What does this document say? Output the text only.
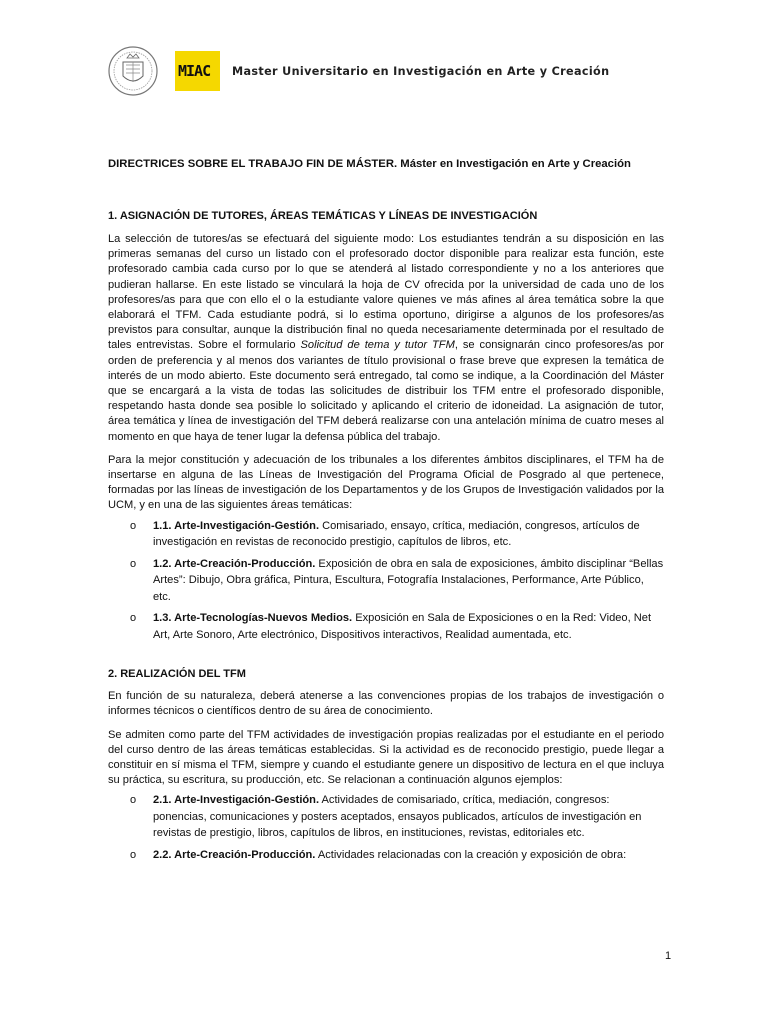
MIAC Master Universitario en Investigación en Arte y Creación

DIRECTRICES SOBRE EL TRABAJO FIN DE MÁSTER. Máster en Investigación en Arte y Creación

1. ASIGNACIÓN DE TUTORES, ÁREAS TEMÁTICAS Y LÍNEAS DE INVESTIGACIÓN

La selección de tutores/as se efectuará del siguiente modo: Los estudiantes tendrán a su disposición en las primeras semanas del curso un listado con el profesorado doctor disponible para realizar esta función, este profesorado cambia cada curso por lo que se atenderá al listado correspondiente y no a los anteriores que pudieran hallarse. En este listado se vinculará la hoja de CV ofrecida por la universidad de cada uno de los profesores/as para que con ello el o la estudiante valore quienes ve más afines al área temática sobre la que elaborará el TFM. Cada estudiante podrá, si lo estima oportuno, dirigirse a algunos de los profesores/as previstos para consultar, aunque la distribución final no queda necesariamente determinada por el resultado de tales entrevistas. Sobre el formulario Solicitud de tema y tutor TFM, se consignarán cinco profesores/as por orden de preferencia y al menos dos variantes de título provisional o frase breve que expresen la temática de interés de un modo abierto. Este documento será entregado, tal como se indique, a la Coordinación del Máster que se encargará a la vista de todas las solicitudes de distribuir los TFM entre el profesorado disponible, respetando hasta donde sea posible lo solicitado y aplicando el criterio de idoneidad. La asignación de tutor, área temática y línea de investigación del TFM deberá realizarse con una antelación mínima de cuatro meses al momento en que haya de tener lugar la defensa pública del trabajo.

Para la mejor constitución y adecuación de los tribunales a los diferentes ámbitos disciplinares, el TFM ha de insertarse en alguna de las Líneas de Investigación del Programa Oficial de Posgrado al que pertenece, formadas por las líneas de investigación de los Departamentos y de los Grupos de Investigación validados por la UCM, y en una de las siguientes áreas temáticas:

o 1.1. Arte-Investigación-Gestión. Comisariado, ensayo, crítica, mediación, congresos, artículos de investigación en revistas de reconocido prestigio, capítulos de libros, etc.
o 1.2. Arte-Creación-Producción. Exposición de obra en sala de exposiciones, ámbito disciplinar “Bellas Artes”: Dibujo, Obra gráfica, Pintura, Escultura, Fotografía Instalaciones, Performance, Arte Público, etc.
o 1.3. Arte-Tecnologías-Nuevos Medios. Exposición en Sala de Exposiciones o en la Red: Video, Net Art, Arte Sonoro, Arte electrónico, Dispositivos interactivos, Realidad aumentada, etc.

2. REALIZACIÓN DEL TFM

En función de su naturaleza, deberá atenerse a las convenciones propias de los trabajos de investigación o informes técnicos o científicos dentro de su área de conocimiento.

Se admiten como parte del TFM actividades de investigación propias realizadas por el estudiante en el periodo del curso dentro de las áreas temáticas establecidas. Si la actividad es de reconocido prestigio, puede llegar a constituir en sí misma el TFM, siempre y cuando el estudiante genere un dispositivo de lectura en el que incluya su práctica, su escritura, su producción, etc. Se relacionan a continuación algunos ejemplos:

o 2.1. Arte-Investigación-Gestión. Actividades de comisariado, crítica, mediación, congresos: ponencias, comunicaciones y posters aceptados, ensayos publicados, artículos de investigación en revistas de prestigio, libros, capítulos de libros, en instituciones, revistas, editoriales etc.
o 2.2. Arte-Creación-Producción. Actividades relacionadas con la creación y exposición de obra:
1
